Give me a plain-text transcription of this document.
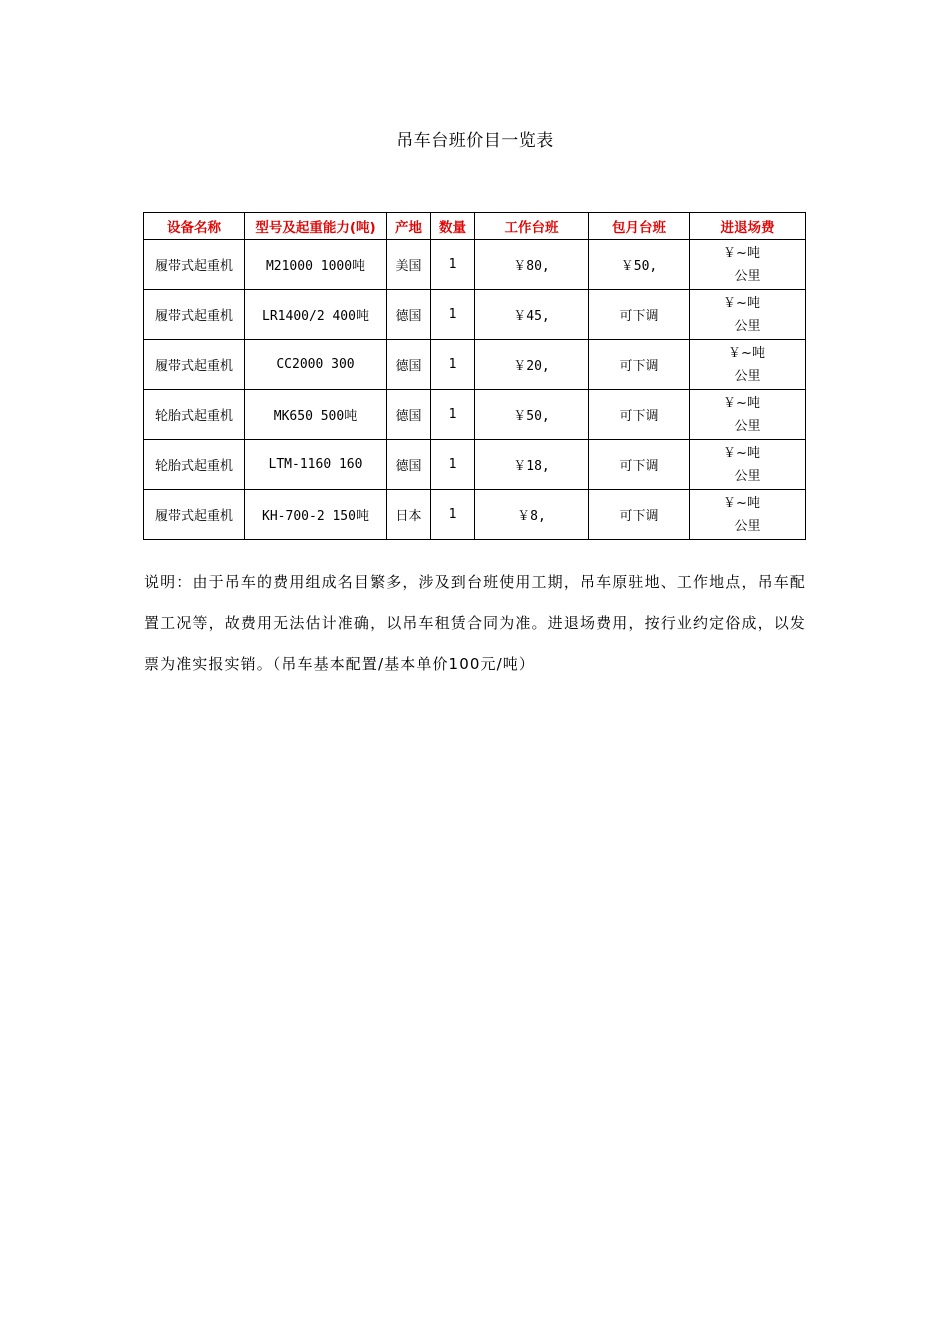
吊车台班价目一览表
设备名称	型号及起重能力(吨)	产地	数量	工作台班	包月台班	进退场费
履带式起重机	M21000 1000吨	美国	1	￥80,	￥50,	￥~吨
公里

履带式起重机	LR1400/2 400吨	德国	1	￥45,	可下调	￥~吨
公里

履带式起重机	CC2000 300	德国	1	￥20,	可下调	￥~吨
公里

轮胎式起重机	MK650 500吨	德国	1	￥50,	可下调	￥~吨
公里

轮胎式起重机	LTM-1160 160	德国	1	￥18,	可下调	￥~吨
公里

履带式起重机	KH-700-2 150吨	日本	1	￥8,	可下调	￥~吨
公里
说明：由于吊车的费用组成名目繁多，涉及到台班使用工期，吊车原驻地、工作地点，吊车配置工况等，故费用无法估计准确，以吊车租赁合同为准。进退场费用，按行业约定俗成，以发票为准实报实销。（吊车基本配置/基本单价100元/吨）
